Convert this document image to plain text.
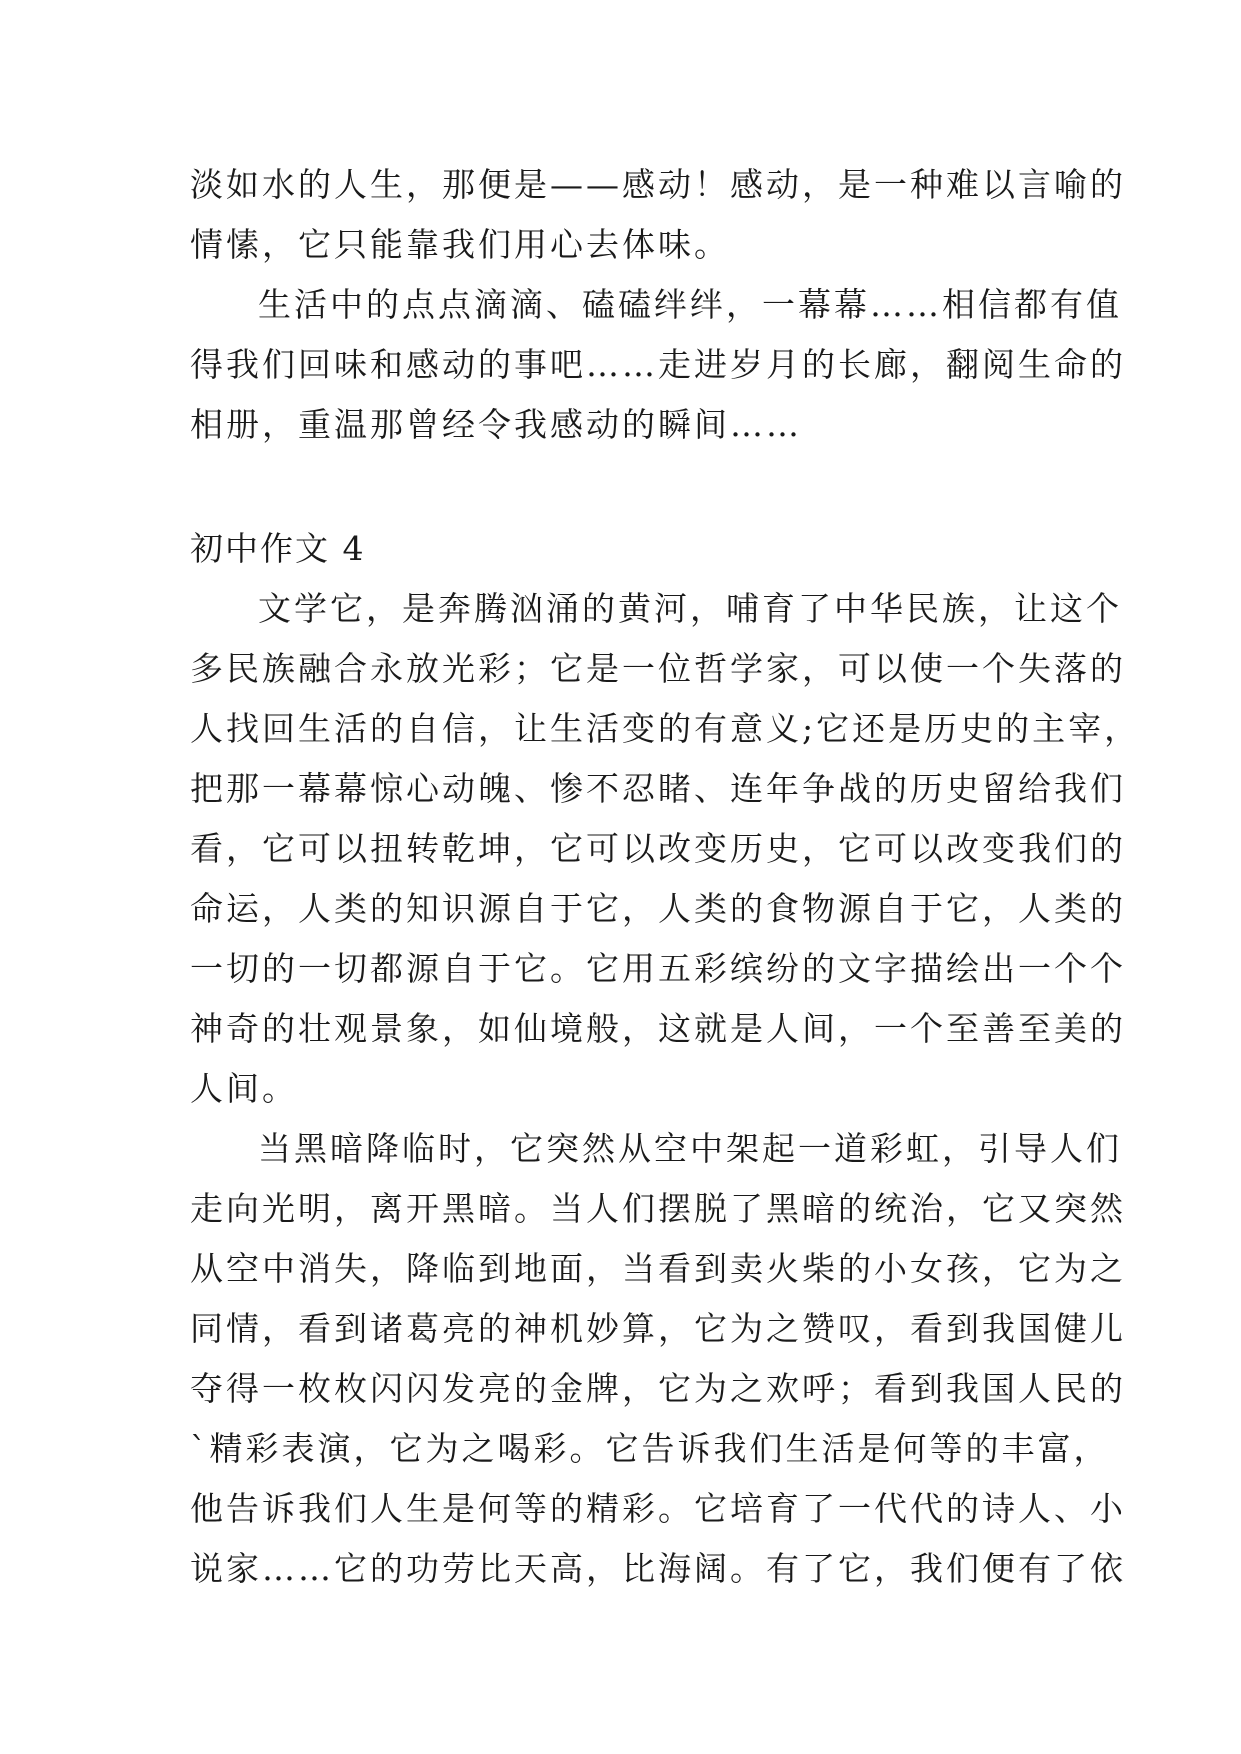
淡如水的人生，那便是——感动！感动，是一种难以言喻的
情愫，它只能靠我们用心去体味。
生活中的点点滴滴、磕磕绊绊，一幕幕……相信都有值
得我们回味和感动的事吧……走进岁月的长廊，翻阅生命的
相册，重温那曾经令我感动的瞬间……
初中作文 4
文学它，是奔腾汹涌的黄河，哺育了中华民族，让这个
多民族融合永放光彩；它是一位哲学家，可以使一个失落的
人找回生活的自信，让生活变的有意义;它还是历史的主宰，
把那一幕幕惊心动魄、惨不忍睹、连年争战的历史留给我们
看，它可以扭转乾坤，它可以改变历史，它可以改变我们的
命运，人类的知识源自于它，人类的食物源自于它，人类的
一切的一切都源自于它。它用五彩缤纷的文字描绘出一个个
神奇的壮观景象，如仙境般，这就是人间，一个至善至美的
人间。
当黑暗降临时，它突然从空中架起一道彩虹，引导人们
走向光明，离开黑暗。当人们摆脱了黑暗的统治，它又突然
从空中消失，降临到地面，当看到卖火柴的小女孩，它为之
同情，看到诸葛亮的神机妙算，它为之赞叹，看到我国健儿
夺得一枚枚闪闪发亮的金牌，它为之欢呼；看到我国人民的
`精彩表演，它为之喝彩。它告诉我们生活是何等的丰富，
他告诉我们人生是何等的精彩。它培育了一代代的诗人、小
说家……它的功劳比天高，比海阔。有了它，我们便有了依
